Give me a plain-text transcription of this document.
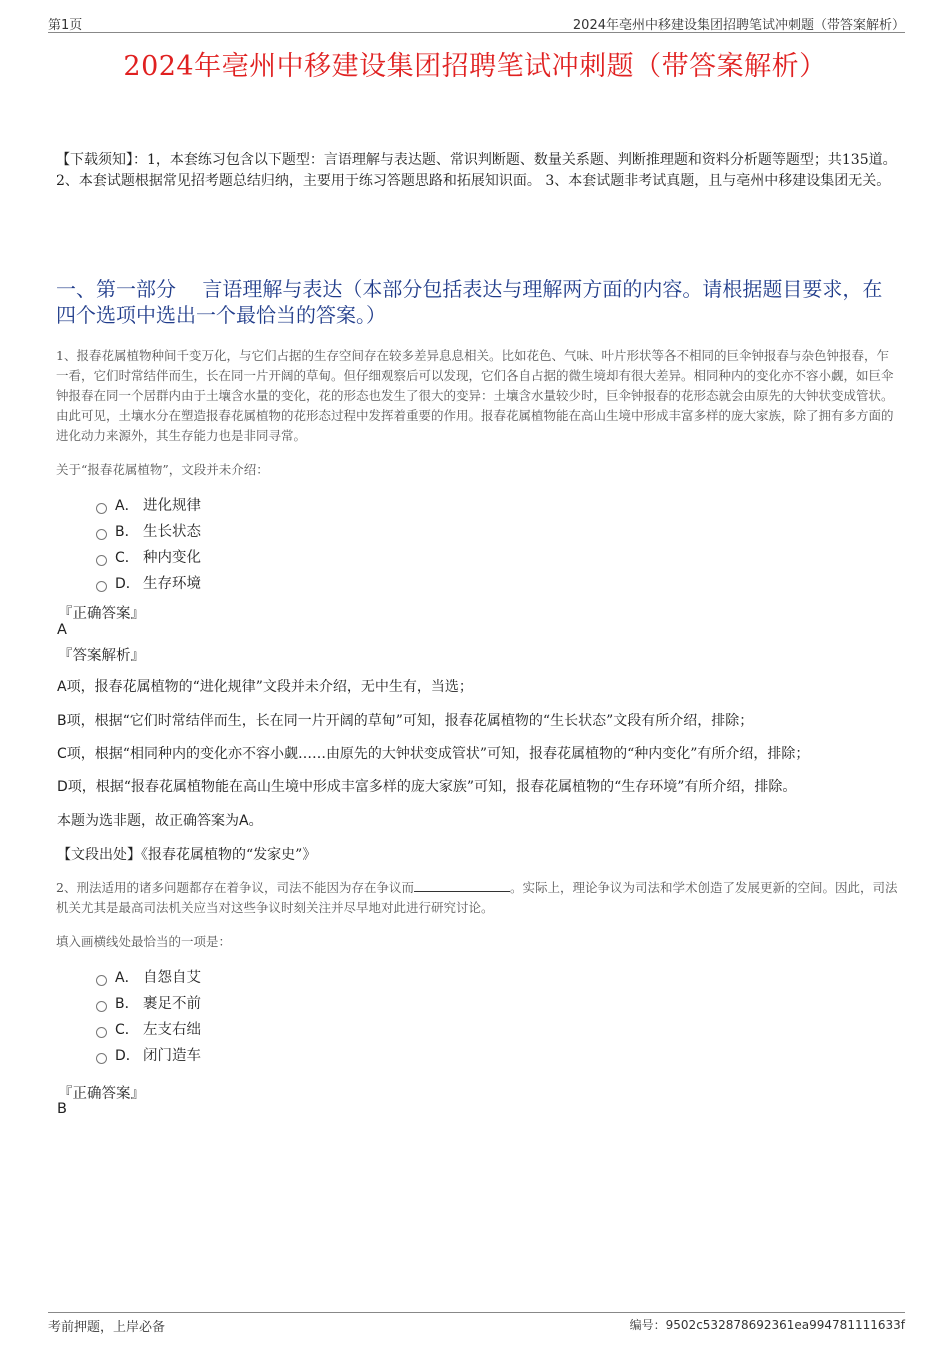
第1页	2024年亳州中移建设集团招聘笔试冲刺题（带答案解析）
2024年亳州中移建设集团招聘笔试冲刺题（带答案解析）
【下载须知】：1，本套练习包含以下题型：言语理解与表达题、常识判断题、数量关系题、判断推理题和资料分析题等题型；共135道。 2、本套试题根据常见招考题总结归纳，主要用于练习答题思路和拓展知识面。 3、本套试题非考试真题，且与亳州中移建设集团无关。
一、第一部分　 言语理解与表达（本部分包括表达与理解两方面的内容。请根据题目要求，在四个选项中选出一个最恰当的答案。）
1、报春花属植物种间千变万化，与它们占据的生存空间存在较多差异息息相关。比如花色、气味、叶片形状等各不相同的巨伞钟报春与杂色钟报春，乍一看，它们时常结伴而生，长在同一片开阔的草甸。但仔细观察后可以发现，它们各自占据的微生境却有很大差异。相同种内的变化亦不容小觑，如巨伞钟报春在同一个居群内由于土壤含水量的变化，花的形态也发生了很大的变异：土壤含水量较少时，巨伞钟报春的花形态就会由原先的大钟状变成管状。由此可见，土壤水分在塑造报春花属植物的花形态过程中发挥着重要的作用。报春花属植物能在高山生境中形成丰富多样的庞大家族，除了拥有多方面的进化动力来源外，其生存能力也是非同寻常。
关于“报春花属植物”，文段并未介绍：
A． 进化规律
B． 生长状态
C． 种内变化
D． 生存环境
『正确答案』
A
『答案解析』
A项，报春花属植物的“进化规律”文段并未介绍，无中生有，当选；
B项，根据“它们时常结伴而生，长在同一片开阔的草甸”可知，报春花属植物的“生长状态”文段有所介绍，排除；
C项，根据“相同种内的变化亦不容小觑……由原先的大钟状变成管状”可知，报春花属植物的“种内变化”有所介绍，排除；
D项，根据“报春花属植物能在高山生境中形成丰富多样的庞大家族”可知，报春花属植物的“生存环境”有所介绍，排除。
本题为选非题，故正确答案为A。
【文段出处】《报春花属植物的“发家史”》
2、刑法适用的诸多问题都存在着争议，司法不能因为存在争议而	。实际上，理论争议为司法和学术创造了发展更新的空间。因此，司法机关尤其是最高司法机关应当对这些争议时刻关注并尽早地对此进行研究讨论。
填入画横线处最恰当的一项是：
A． 自怨自艾
B． 裹足不前
C． 左支右绌
D． 闭门造车
『正确答案』
B
考前押题，上岸必备	编号：9502c532878692361ea994781111633f
